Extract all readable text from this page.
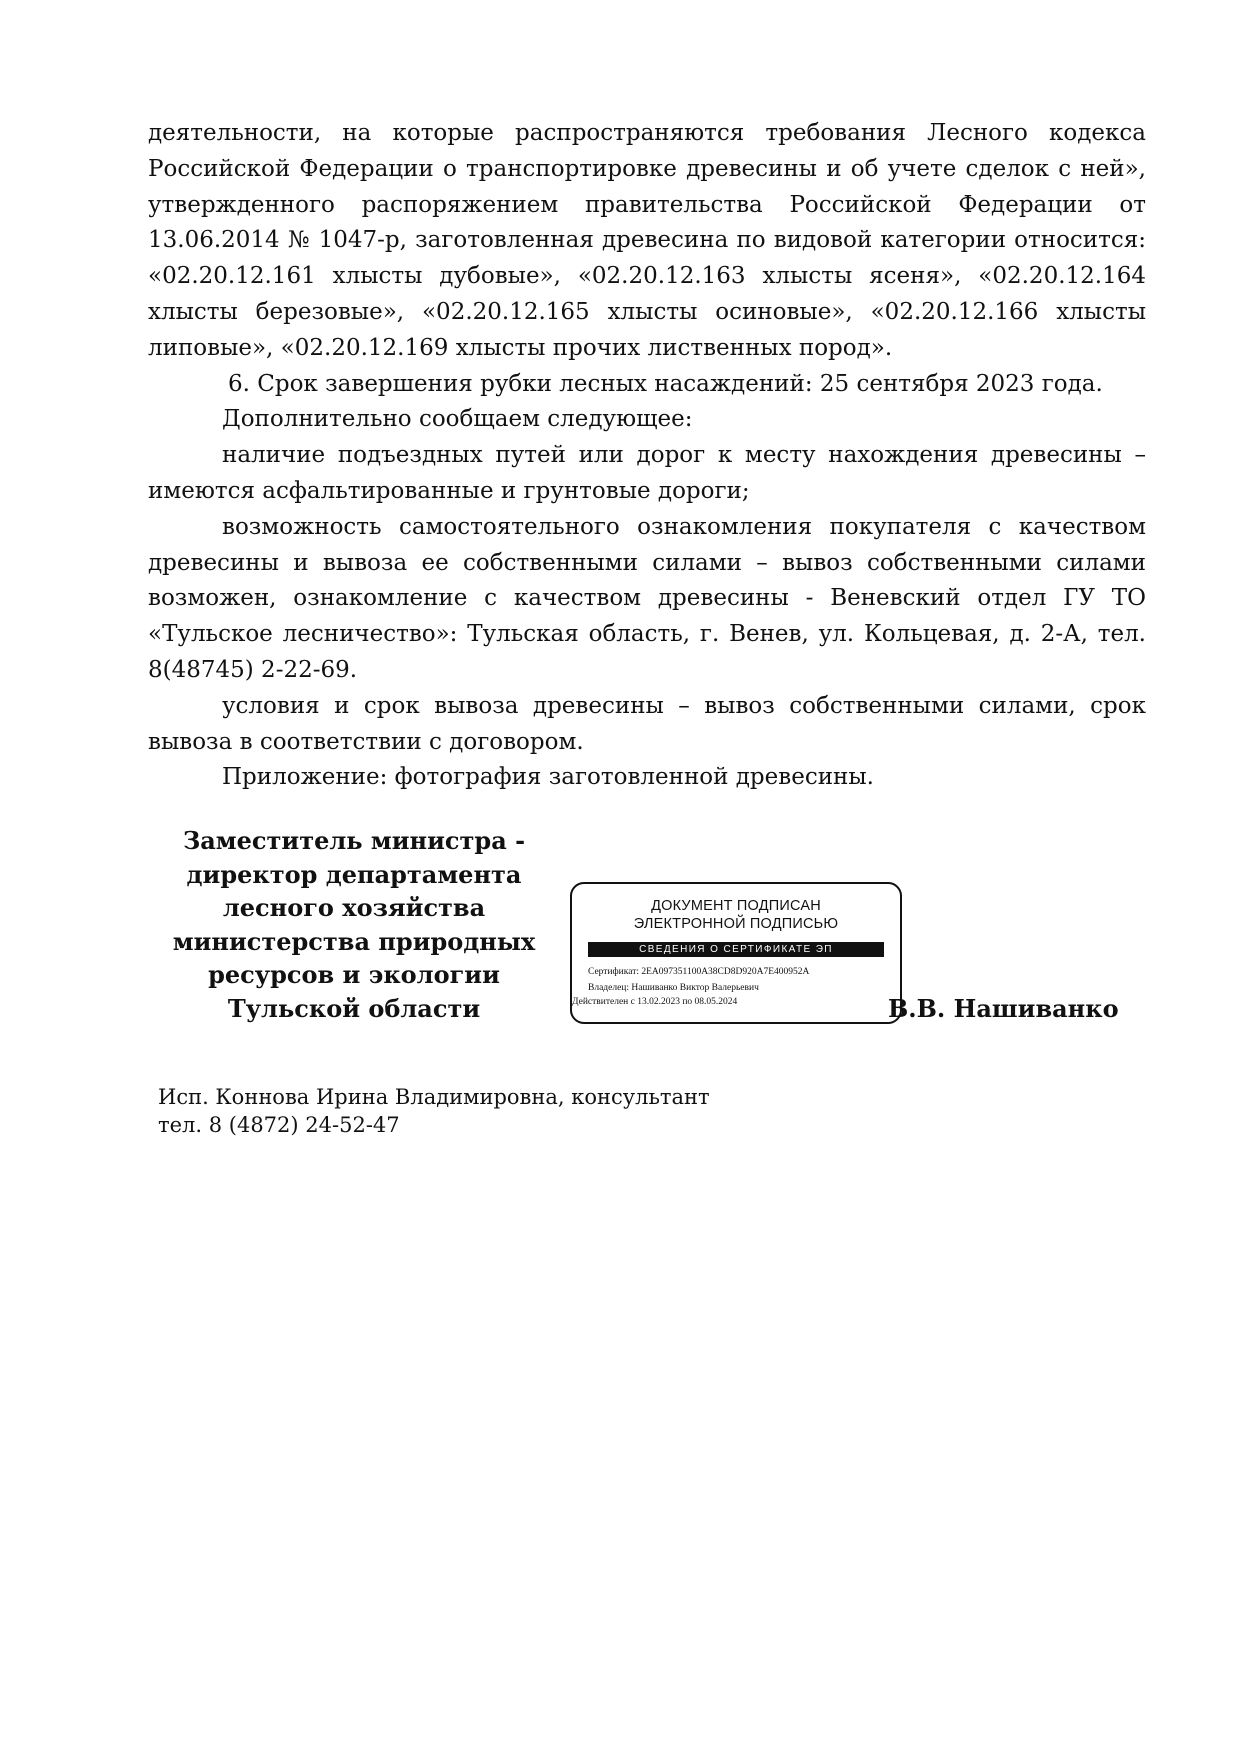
деятельности, на которые распространяются требования Лесного кодекса Российской Федерации о транспортировке древесины и об учете сделок с ней», утвержденного распоряжением правительства Российской Федерации от 13.06.2014 № 1047-р, заготовленная древесина по видовой категории относится: «02.20.12.161 хлысты дубовые», «02.20.12.163 хлысты ясеня», «02.20.12.164 хлысты березовые», «02.20.12.165 хлысты осиновые», «02.20.12.166 хлысты липовые», «02.20.12.169 хлысты прочих лиственных пород».

6. Срок завершения рубки лесных насаждений: 25 сентября 2023 года.

Дополнительно сообщаем следующее:

наличие подъездных путей или дорог к месту нахождения древесины – имеются асфальтированные и грунтовые дороги;

возможность самостоятельного ознакомления покупателя с качеством древесины и вывоза ее собственными силами – вывоз собственными силами возможен, ознакомление с качеством древесины - Веневский отдел ГУ ТО «Тульское лесничество»: Тульская область, г. Венев, ул. Кольцевая, д. 2-А, тел. 8(48745) 2-22-69.

условия и срок вывоза древесины – вывоз собственными силами, срок вывоза в соответствии с договором.

Приложение: фотография заготовленной древесины.

Заместитель министра -
директор департамента
лесного хозяйства
министерства природных
ресурсов и экологии
Тульской области
ДОКУМЕНТ ПОДПИСАН
ЭЛЕКТРОННОЙ ПОДПИСЬЮ
СВЕДЕНИЯ О СЕРТИФИКАТЕ ЭП
Сертификат: 2EA097351100A38CD8D920A7E400952A
Владелец: Нашиванко Виктор Валерьевич
Действителен с 13.02.2023 по 08.05.2024	В.В. Нашиванко
Исп. Коннова Ирина Владимировна, консультант
тел. 8 (4872) 24-52-47
